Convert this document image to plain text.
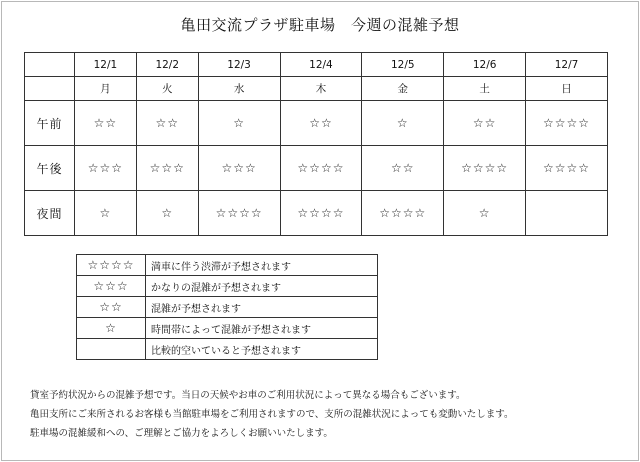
亀田交流プラザ駐車場　今週の混雑予想
	12/1	12/2	12/3	12/4	12/5	12/6	12/7
	月	火	水	木	金	土	日
午前	☆☆	☆☆	☆	☆☆	☆	☆☆	☆☆☆☆
午後	☆☆☆	☆☆☆	☆☆☆	☆☆☆☆	☆☆	☆☆☆☆	☆☆☆☆
夜間	☆	☆	☆☆☆☆	☆☆☆☆	☆☆☆☆	☆	
☆☆☆☆	満車に伴う渋滞が予想されます
☆☆☆	かなりの混雑が予想されます
☆☆	混雑が予想されます
☆	時間帯によって混雑が予想されます
	比較的空いていると予想されます
貸室予約状況からの混雑予想です。当日の天候やお車のご利用状況によって異なる場合もございます。
亀田支所にご来所されるお客様も当館駐車場をご利用されますので、支所の混雑状況によっても変動いたします。
駐車場の混雑緩和への、ご理解とご協力をよろしくお願いいたします。
